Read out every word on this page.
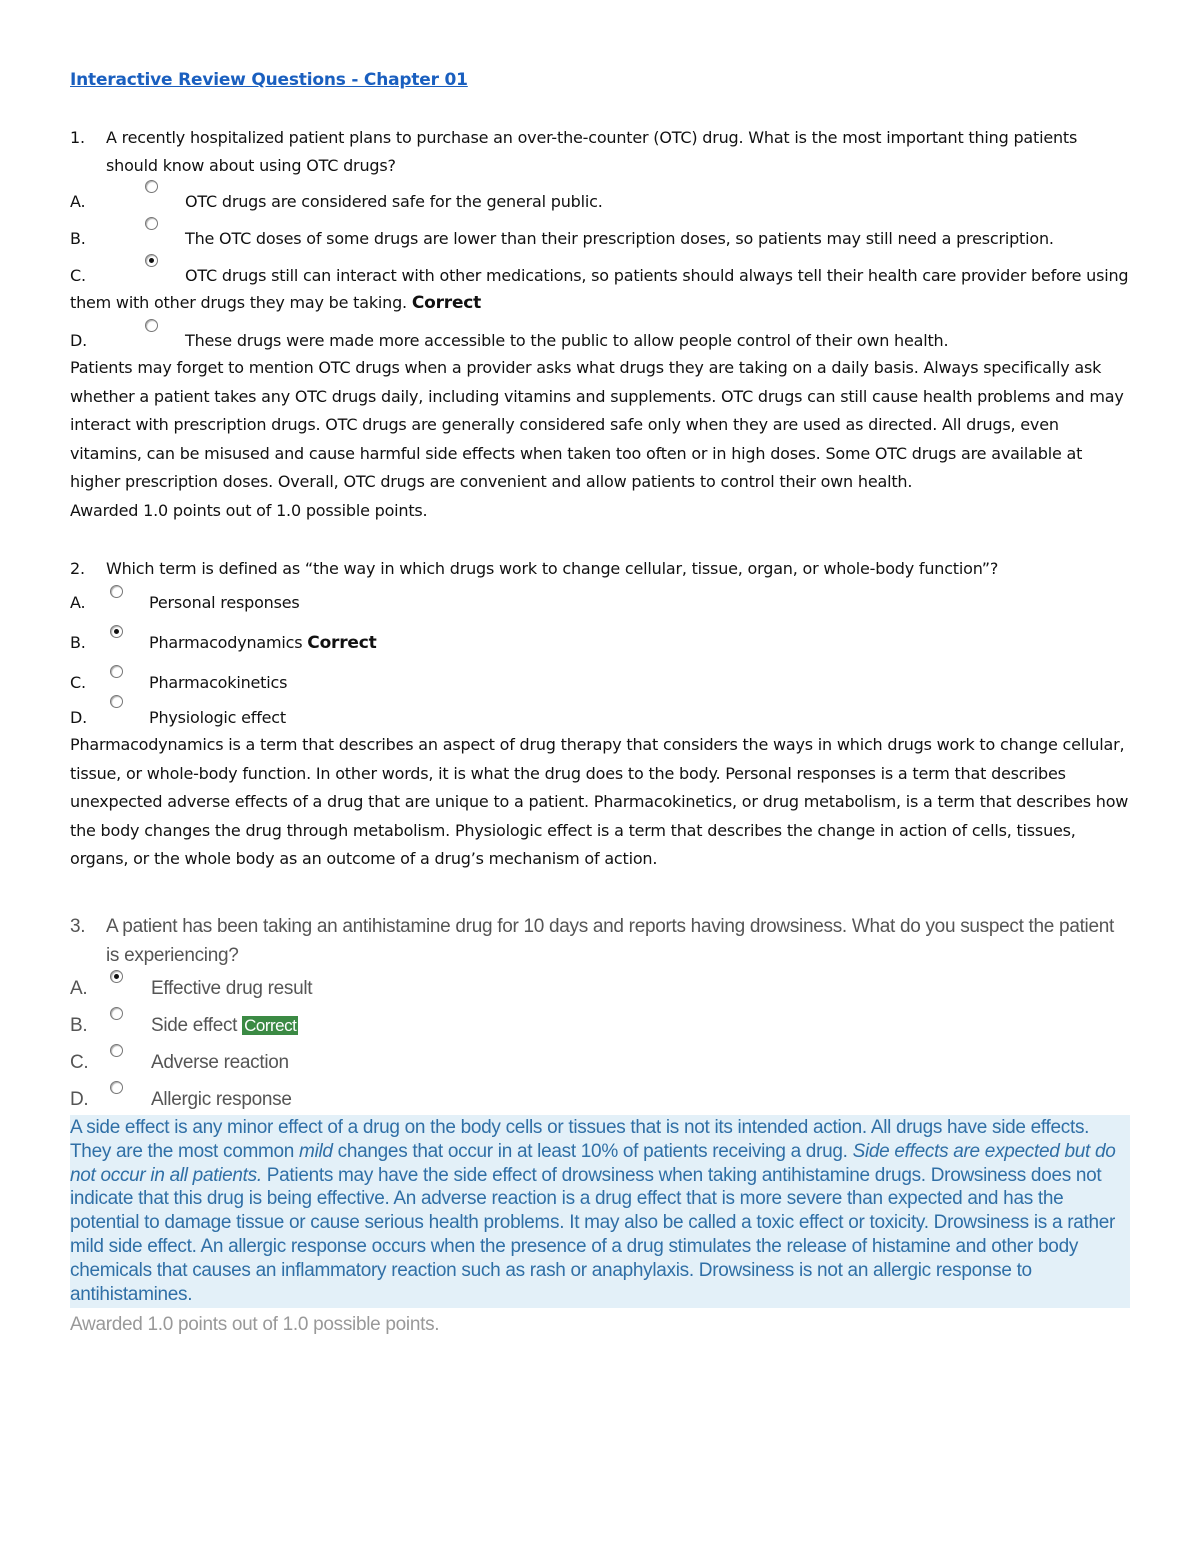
Interactive Review Questions - Chapter 01
1.	A recently hospitalized patient plans to purchase an over-the-counter (OTC) drug. What is the most important thing patients should know about using OTC drugs?
A.	OTC drugs are considered safe for the general public.
B.	The OTC doses of some drugs are lower than their prescription doses, so patients may still need a prescription.
C.	OTC drugs still can interact with other medications, so patients should always tell their health care provider before using them with other drugs they may be taking. Correct
D.	These drugs were made more accessible to the public to allow people control of their own health.
Patients may forget to mention OTC drugs when a provider asks what drugs they are taking on a daily basis. Always specifically ask whether a patient takes any OTC drugs daily, including vitamins and supplements. OTC drugs can still cause health problems and may interact with prescription drugs. OTC drugs are generally considered safe only when they are used as directed. All drugs, even vitamins, can be misused and cause harmful side effects when taken too often or in high doses. Some OTC drugs are available at higher prescription doses. Overall, OTC drugs are convenient and allow patients to control their own health.
Awarded 1.0 points out of 1.0 possible points.
2.	Which term is defined as “the way in which drugs work to change cellular, tissue, organ, or whole-body function”?
A.	Personal responses
B.	Pharmacodynamics Correct
C.	Pharmacokinetics
D.	Physiologic effect
Pharmacodynamics is a term that describes an aspect of drug therapy that considers the ways in which drugs work to change cellular, tissue, or whole-body function. In other words, it is what the drug does to the body. Personal responses is a term that describes unexpected adverse effects of a drug that are unique to a patient. Pharmacokinetics, or drug metabolism, is a term that describes how the body changes the drug through metabolism. Physiologic effect is a term that describes the change in action of cells, tissues, organs, or the whole body as an outcome of a drug’s mechanism of action.
3.	A patient has been taking an antihistamine drug for 10 days and reports having drowsiness. What do you suspect the patient is experiencing?
A.	Effective drug result
B.	Side effect Correct
C.	Adverse reaction
D.	Allergic response
A side effect is any minor effect of a drug on the body cells or tissues that is not its intended action. All drugs have side effects. They are the most common mild changes that occur in at least 10% of patients receiving a drug. Side effects are expected but do not occur in all patients. Patients may have the side effect of drowsiness when taking antihistamine drugs. Drowsiness does not indicate that this drug is being effective. An adverse reaction is a drug effect that is more severe than expected and has the potential to damage tissue or cause serious health problems. It may also be called a toxic effect or toxicity. Drowsiness is a rather mild side effect. An allergic response occurs when the presence of a drug stimulates the release of histamine and other body chemicals that causes an inflammatory reaction such as rash or anaphylaxis. Drowsiness is not an allergic response to antihistamines.
Awarded 1.0 points out of 1.0 possible points.
